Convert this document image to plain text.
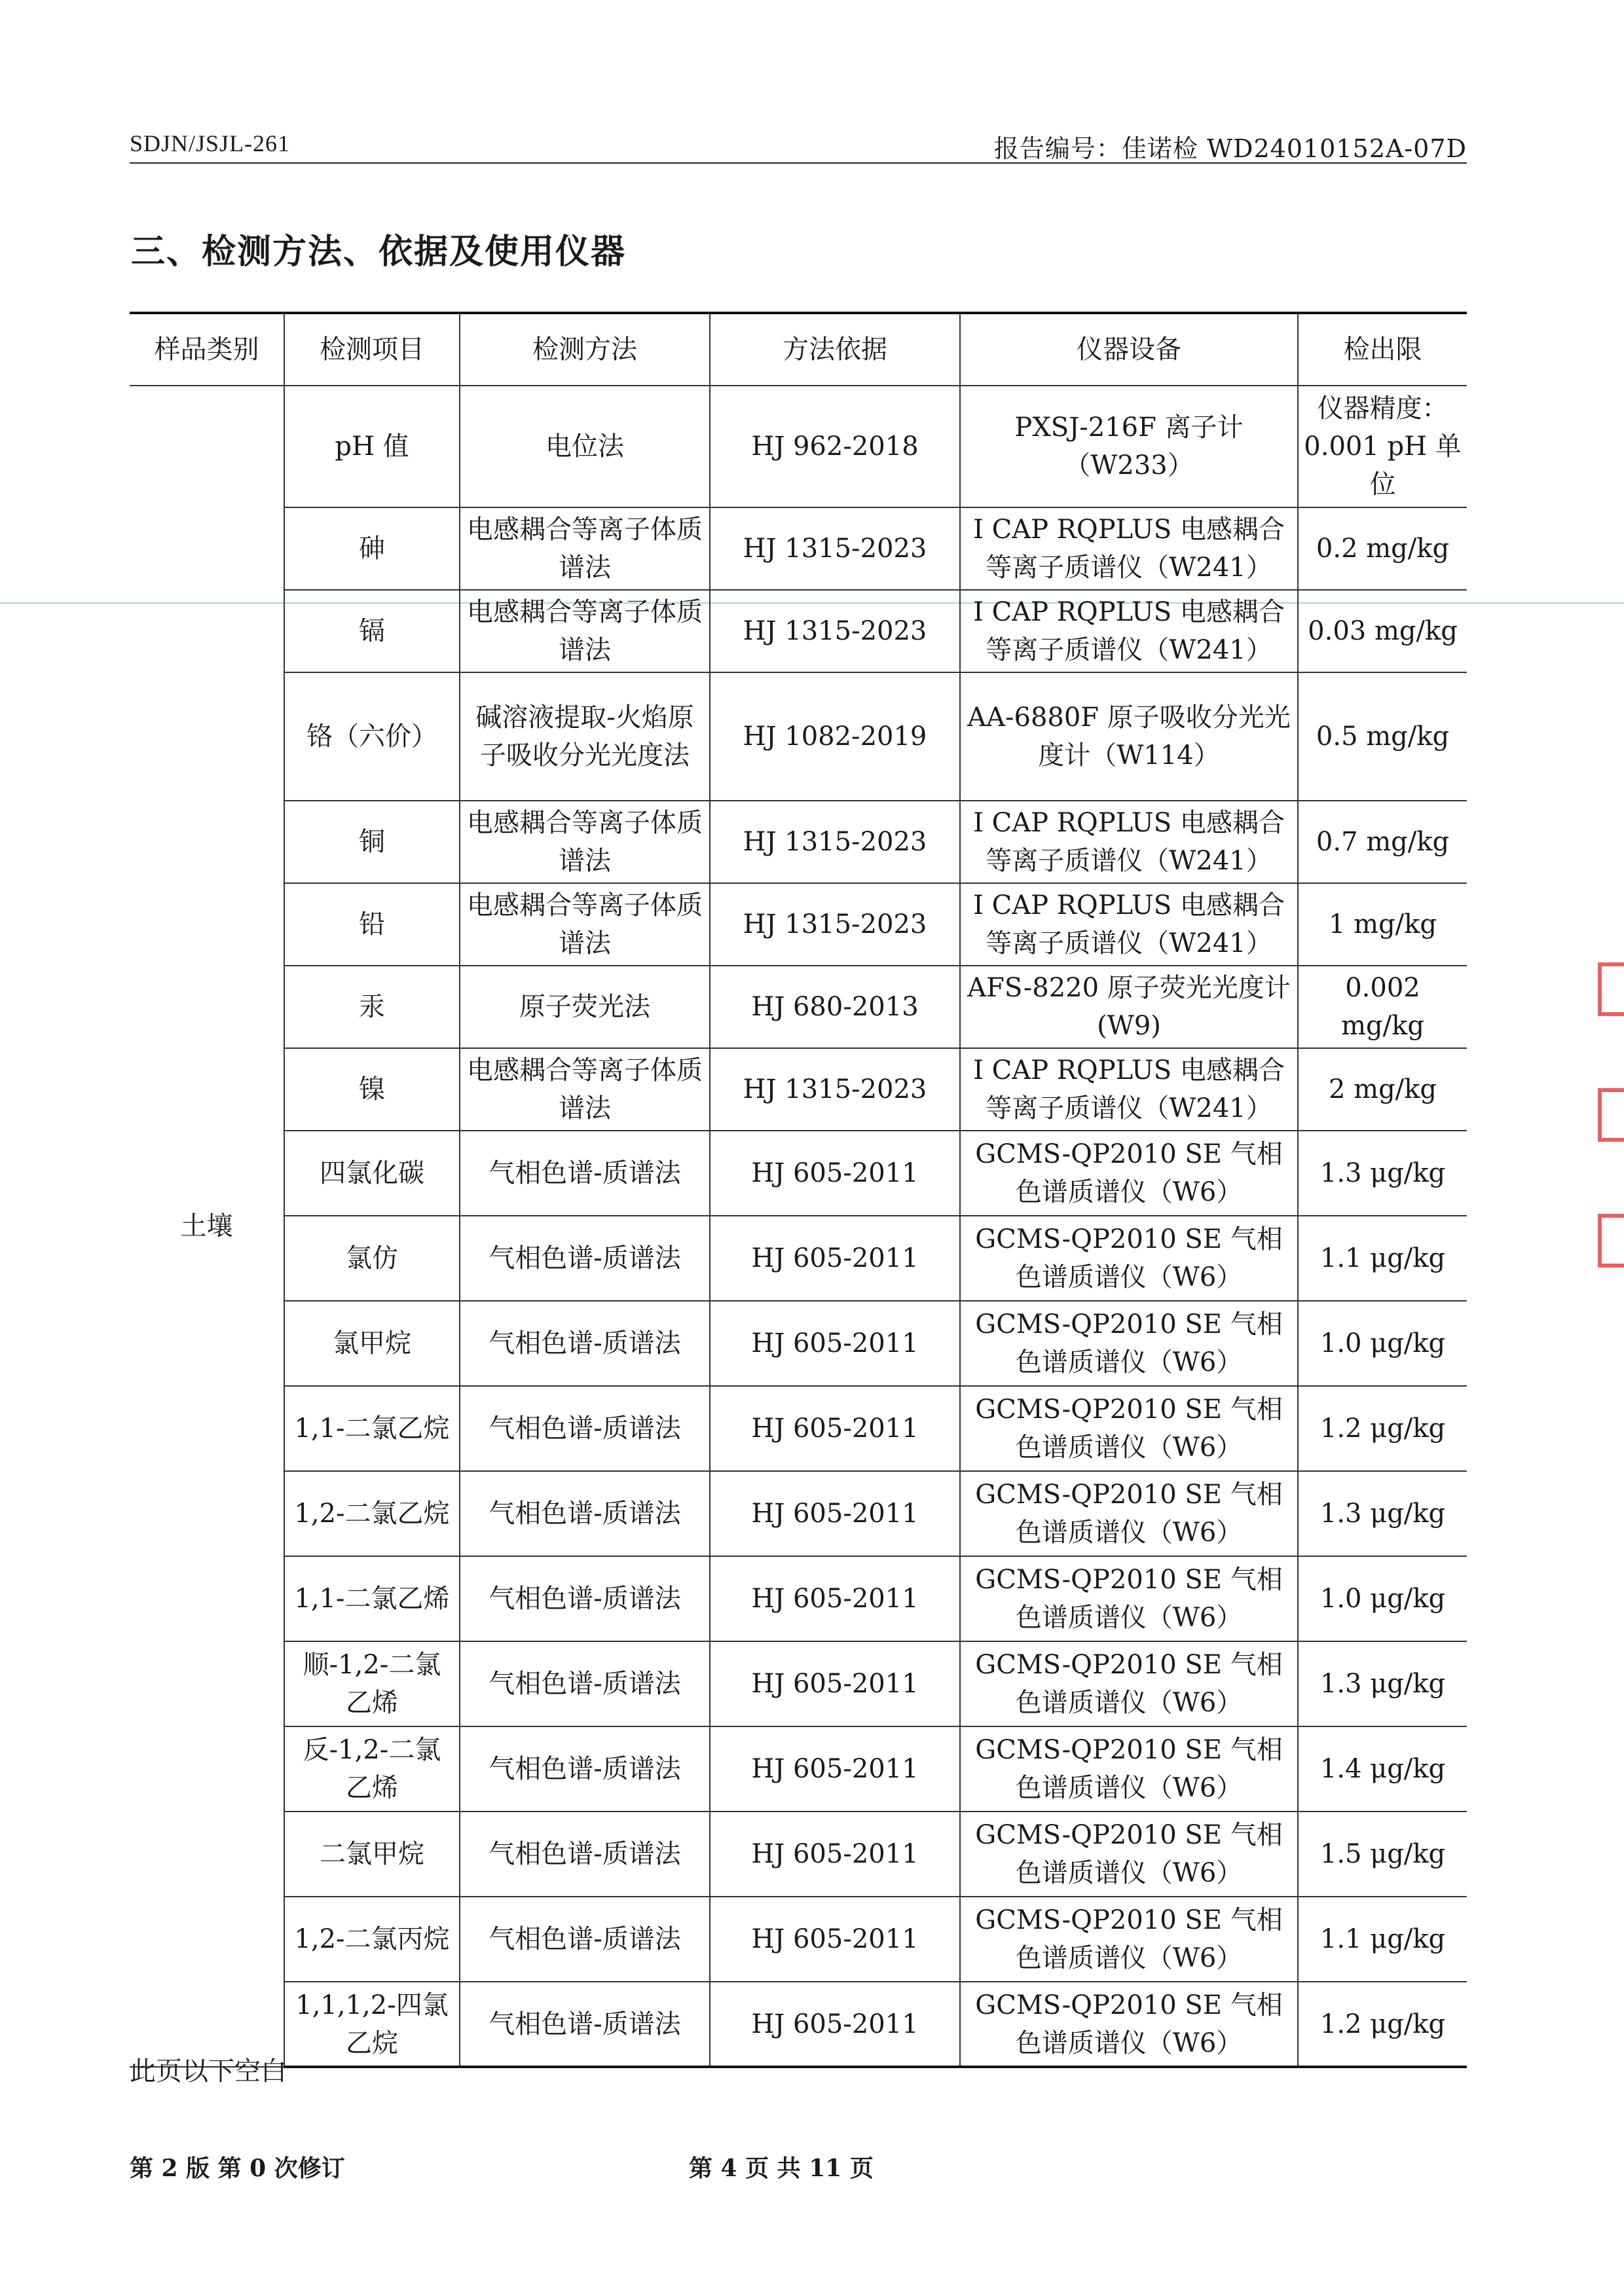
SDJN/JSJL-261	报告编号：佳诺检 WD24010152A-07D
三、检测方法、依据及使用仪器
样品类别	检测项目	检测方法	方法依据	仪器设备	检出限
土壤	pH 值	电位法	HJ 962-2018	PXSJ-216F 离子计（W233）	仪器精度：0.001 pH 单位
	砷	电感耦合等离子体质谱法	HJ 1315-2023	I CAP RQPLUS 电感耦合等离子质谱仪（W241）	0.2 mg/kg
	镉	电感耦合等离子体质谱法	HJ 1315-2023	I CAP RQPLUS 电感耦合等离子质谱仪（W241）	0.03 mg/kg
	铬（六价）	碱溶液提取-火焰原子吸收分光光度法	HJ 1082-2019	AA-6880F 原子吸收分光光度计（W114）	0.5 mg/kg
	铜	电感耦合等离子体质谱法	HJ 1315-2023	I CAP RQPLUS 电感耦合等离子质谱仪（W241）	0.7 mg/kg
	铅	电感耦合等离子体质谱法	HJ 1315-2023	I CAP RQPLUS 电感耦合等离子质谱仪（W241）	1 mg/kg
	汞	原子荧光法	HJ 680-2013	AFS-8220 原子荧光光度计(W9)	0.002 mg/kg
	镍	电感耦合等离子体质谱法	HJ 1315-2023	I CAP RQPLUS 电感耦合等离子质谱仪（W241）	2 mg/kg
	四氯化碳	气相色谱-质谱法	HJ 605-2011	GCMS-QP2010 SE 气相色谱质谱仪（W6）	1.3 μg/kg
	氯仿	气相色谱-质谱法	HJ 605-2011	GCMS-QP2010 SE 气相色谱质谱仪（W6）	1.1 μg/kg
	氯甲烷	气相色谱-质谱法	HJ 605-2011	GCMS-QP2010 SE 气相色谱质谱仪（W6）	1.0 μg/kg
	1,1-二氯乙烷	气相色谱-质谱法	HJ 605-2011	GCMS-QP2010 SE 气相色谱质谱仪（W6）	1.2 μg/kg
	1,2-二氯乙烷	气相色谱-质谱法	HJ 605-2011	GCMS-QP2010 SE 气相色谱质谱仪（W6）	1.3 μg/kg
	1,1-二氯乙烯	气相色谱-质谱法	HJ 605-2011	GCMS-QP2010 SE 气相色谱质谱仪（W6）	1.0 μg/kg
	顺-1,2-二氯乙烯	气相色谱-质谱法	HJ 605-2011	GCMS-QP2010 SE 气相色谱质谱仪（W6）	1.3 μg/kg
	反-1,2-二氯乙烯	气相色谱-质谱法	HJ 605-2011	GCMS-QP2010 SE 气相色谱质谱仪（W6）	1.4 μg/kg
	二氯甲烷	气相色谱-质谱法	HJ 605-2011	GCMS-QP2010 SE 气相色谱质谱仪（W6）	1.5 μg/kg
	1,2-二氯丙烷	气相色谱-质谱法	HJ 605-2011	GCMS-QP2010 SE 气相色谱质谱仪（W6）	1.1 μg/kg
	1,1,1,2-四氯乙烷	气相色谱-质谱法	HJ 605-2011	GCMS-QP2010 SE 气相色谱质谱仪（W6）	1.2 μg/kg
此页以下空白
第 2 版 第 0 次修订	第 4 页 共 11 页
